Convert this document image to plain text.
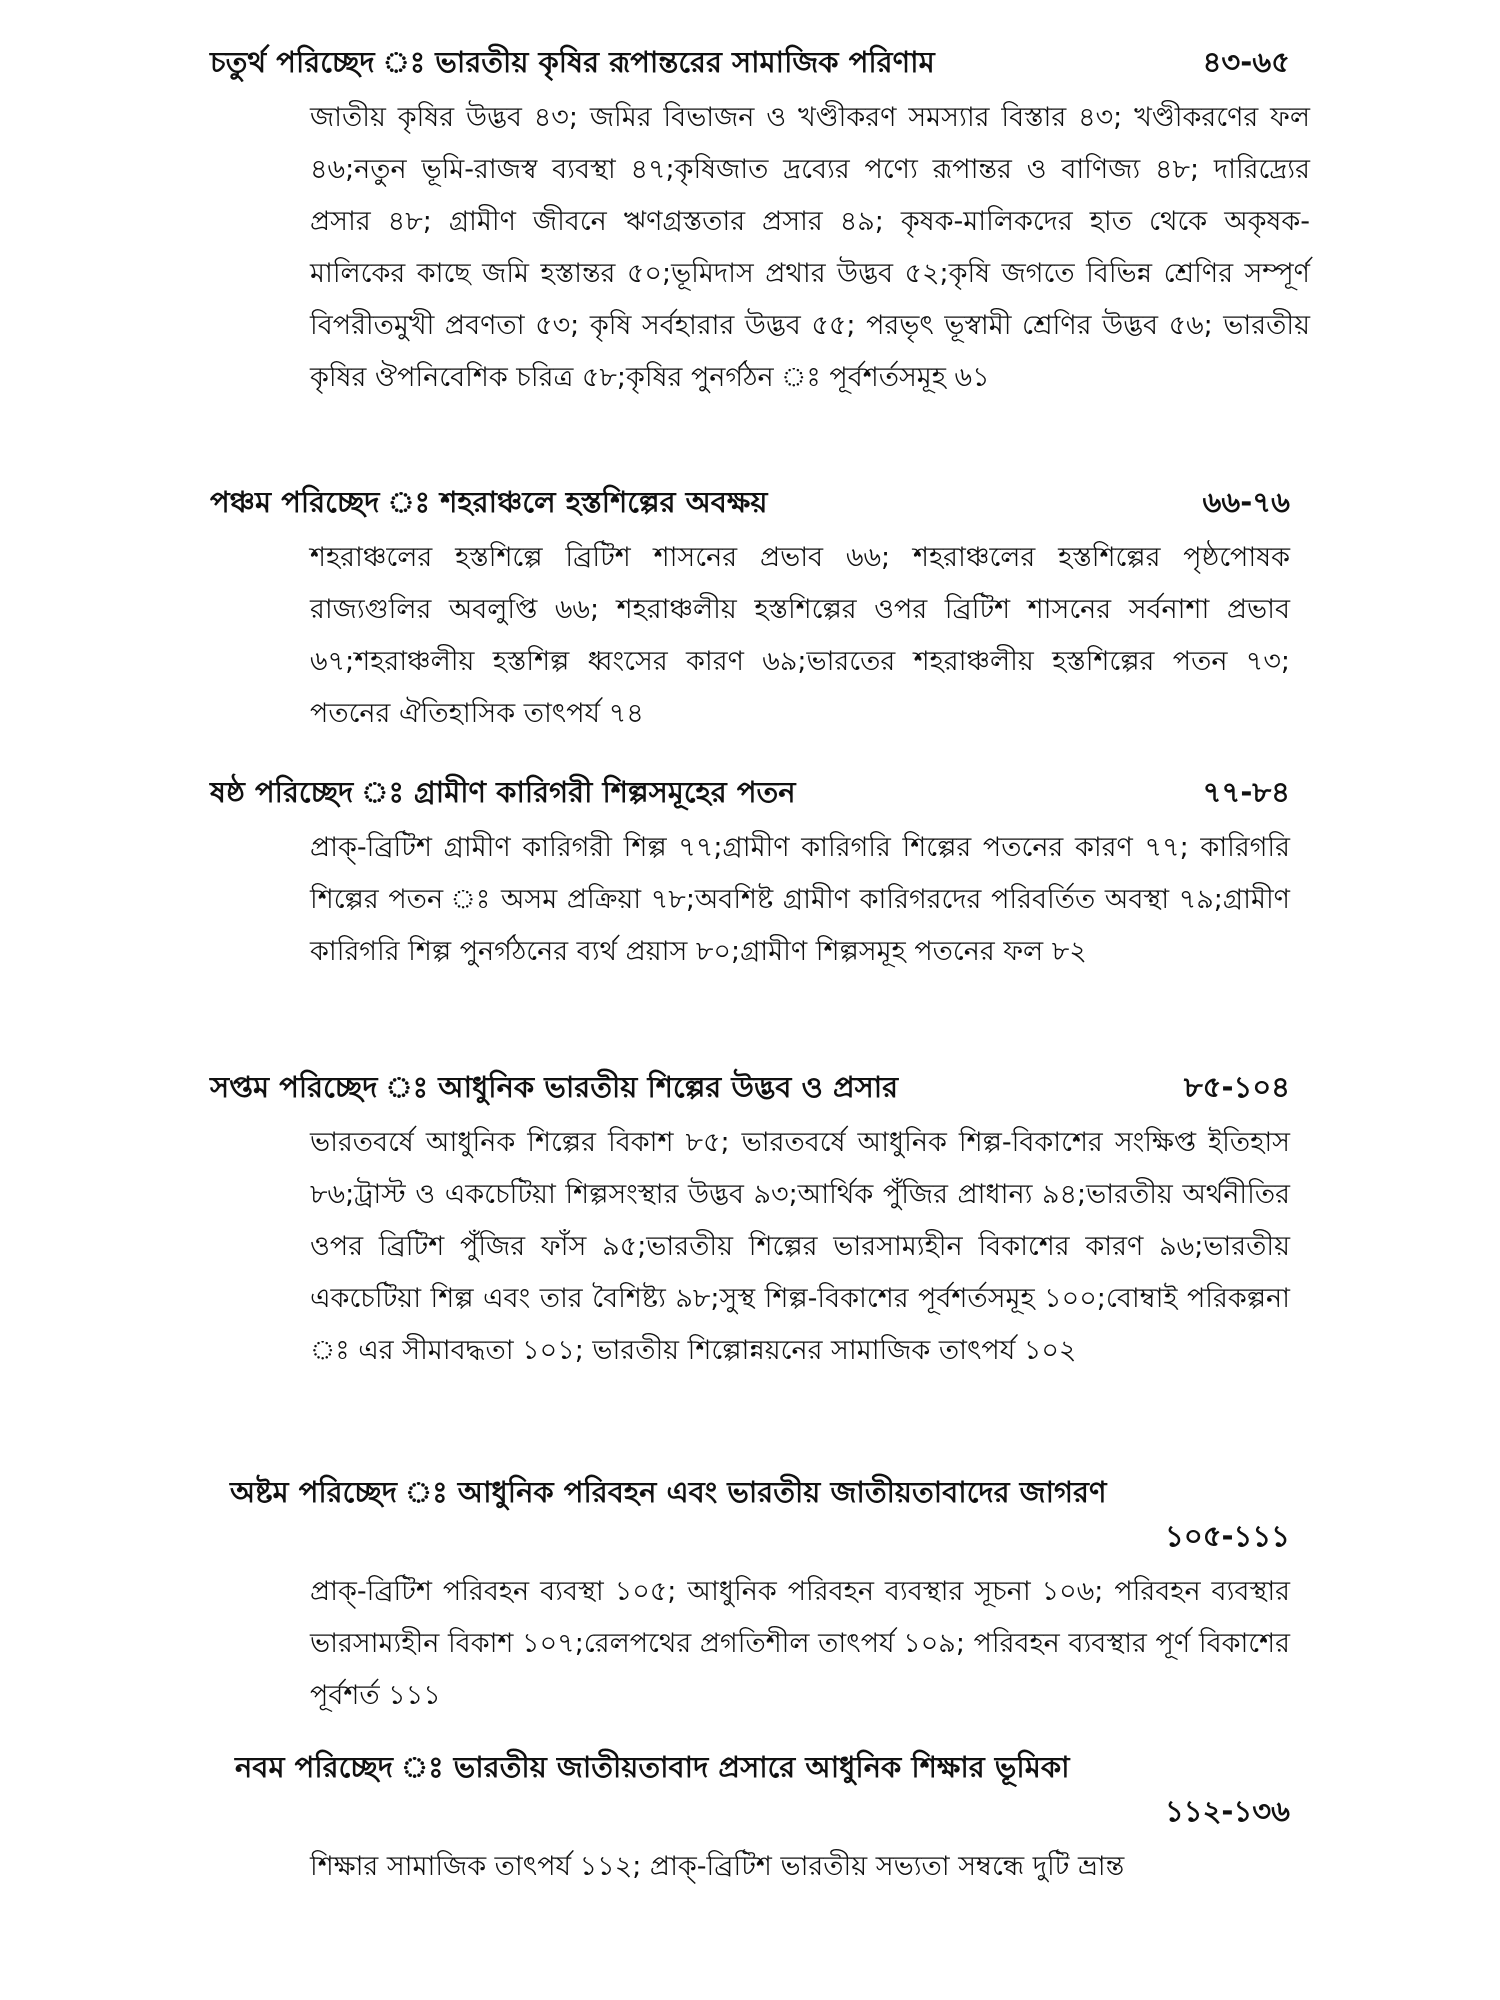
চতুর্থ পরিচ্ছেদ ঃ ভারতীয় কৃষির রূপান্তরের সামাজিক পরিণাম	৪৩-৬৫
জাতীয় কৃষির উদ্ভব ৪৩; জমির বিভাজন ও খণ্ডীকরণ সমস্যার বিস্তার ৪৩; খণ্ডীকরণের ফল ৪৬;নতুন ভূমি-রাজস্ব ব্যবস্থা ৪৭;কৃষিজাত দ্রব্যের পণ্যে রূপান্তর ও বাণিজ্য ৪৮; দারিদ্র্যের প্রসার ৪৮; গ্রামীণ জীবনে ঋণগ্রস্ততার প্রসার ৪৯; কৃষক-মালিকদের হাত থেকে অকৃষক-মালিকের কাছে জমি হস্তান্তর ৫০;ভূমিদাস প্রথার উদ্ভব ৫২;কৃষি জগতে বিভিন্ন শ্রেণির সম্পূর্ণ বিপরীতমুখী প্রবণতা ৫৩; কৃষি সর্বহারার উদ্ভব ৫৫; পরভৃৎ ভূস্বামী শ্রেণির উদ্ভব ৫৬; ভারতীয় কৃষির ঔপনিবেশিক চরিত্র ৫৮;কৃষির পুনর্গঠন ঃ পূর্বশর্তসমূহ ৬১
পঞ্চম পরিচ্ছেদ ঃ শহরাঞ্চলে হস্তশিল্পের অবক্ষয়	৬৬-৭৬
শহরাঞ্চলের হস্তশিল্পে ব্রিটিশ শাসনের প্রভাব ৬৬; শহরাঞ্চলের হস্তশিল্পের পৃষ্ঠপোষক রাজ্যগুলির অবলুপ্তি ৬৬; শহরাঞ্চলীয় হস্তশিল্পের ওপর ব্রিটিশ শাসনের সর্বনাশা প্রভাব ৬৭;শহরাঞ্চলীয় হস্তশিল্প ধ্বংসের কারণ ৬৯;ভারতের শহরাঞ্চলীয় হস্তশিল্পের পতন ৭৩; পতনের ঐতিহাসিক তাৎপর্য ৭৪
ষষ্ঠ পরিচ্ছেদ ঃ গ্রামীণ কারিগরী শিল্পসমূহের পতন	৭৭-৮৪
প্রাক্-ব্রিটিশ গ্রামীণ কারিগরী শিল্প ৭৭;গ্রামীণ কারিগরি শিল্পের পতনের কারণ ৭৭; কারিগরি শিল্পের পতন ঃ অসম প্রক্রিয়া ৭৮;অবশিষ্ট গ্রামীণ কারিগরদের পরিবর্তিত অবস্থা ৭৯;গ্রামীণ কারিগরি শিল্প পুনর্গঠনের ব্যর্থ প্রয়াস ৮০;গ্রামীণ শিল্পসমূহ পতনের ফল ৮২
সপ্তম পরিচ্ছেদ ঃ আধুনিক ভারতীয় শিল্পের উদ্ভব ও প্রসার	৮৫-১০৪
ভারতবর্ষে আধুনিক শিল্পের বিকাশ ৮৫; ভারতবর্ষে আধুনিক শিল্প-বিকাশের সংক্ষিপ্ত ইতিহাস ৮৬;ট্রাস্ট ও একচেটিয়া শিল্পসংস্থার উদ্ভব ৯৩;আর্থিক পুঁজির প্রাধান্য ৯৪;ভারতীয় অর্থনীতির ওপর ব্রিটিশ পুঁজির ফাঁস ৯৫;ভারতীয় শিল্পের ভারসাম্যহীন বিকাশের কারণ ৯৬;ভারতীয় একচেটিয়া শিল্প এবং তার বৈশিষ্ট্য ৯৮;সুস্থ শিল্প-বিকাশের পূর্বশর্তসমূহ ১০০;বোম্বাই পরিকল্পনা ঃ এর সীমাবদ্ধতা ১০১; ভারতীয় শিল্পোন্নয়নের সামাজিক তাৎপর্য ১০২
অষ্টম পরিচ্ছেদ ঃ আধুনিক পরিবহন এবং ভারতীয় জাতীয়তাবাদের জাগরণ
১০৫-১১১
প্রাক্-ব্রিটিশ পরিবহন ব্যবস্থা ১০৫; আধুনিক পরিবহন ব্যবস্থার সূচনা ১০৬; পরিবহন ব্যবস্থার ভারসাম্যহীন বিকাশ ১০৭;রেলপথের প্রগতিশীল তাৎপর্য ১০৯; পরিবহন ব্যবস্থার পূর্ণ বিকাশের পূর্বশর্ত ১১১
নবম পরিচ্ছেদ ঃ ভারতীয় জাতীয়তাবাদ প্রসারে আধুনিক শিক্ষার ভূমিকা
১১২-১৩৬
শিক্ষার সামাজিক তাৎপর্য ১১২; প্রাক্-ব্রিটিশ ভারতীয় সভ্যতা সম্বন্ধে দুটি ভ্রান্ত
